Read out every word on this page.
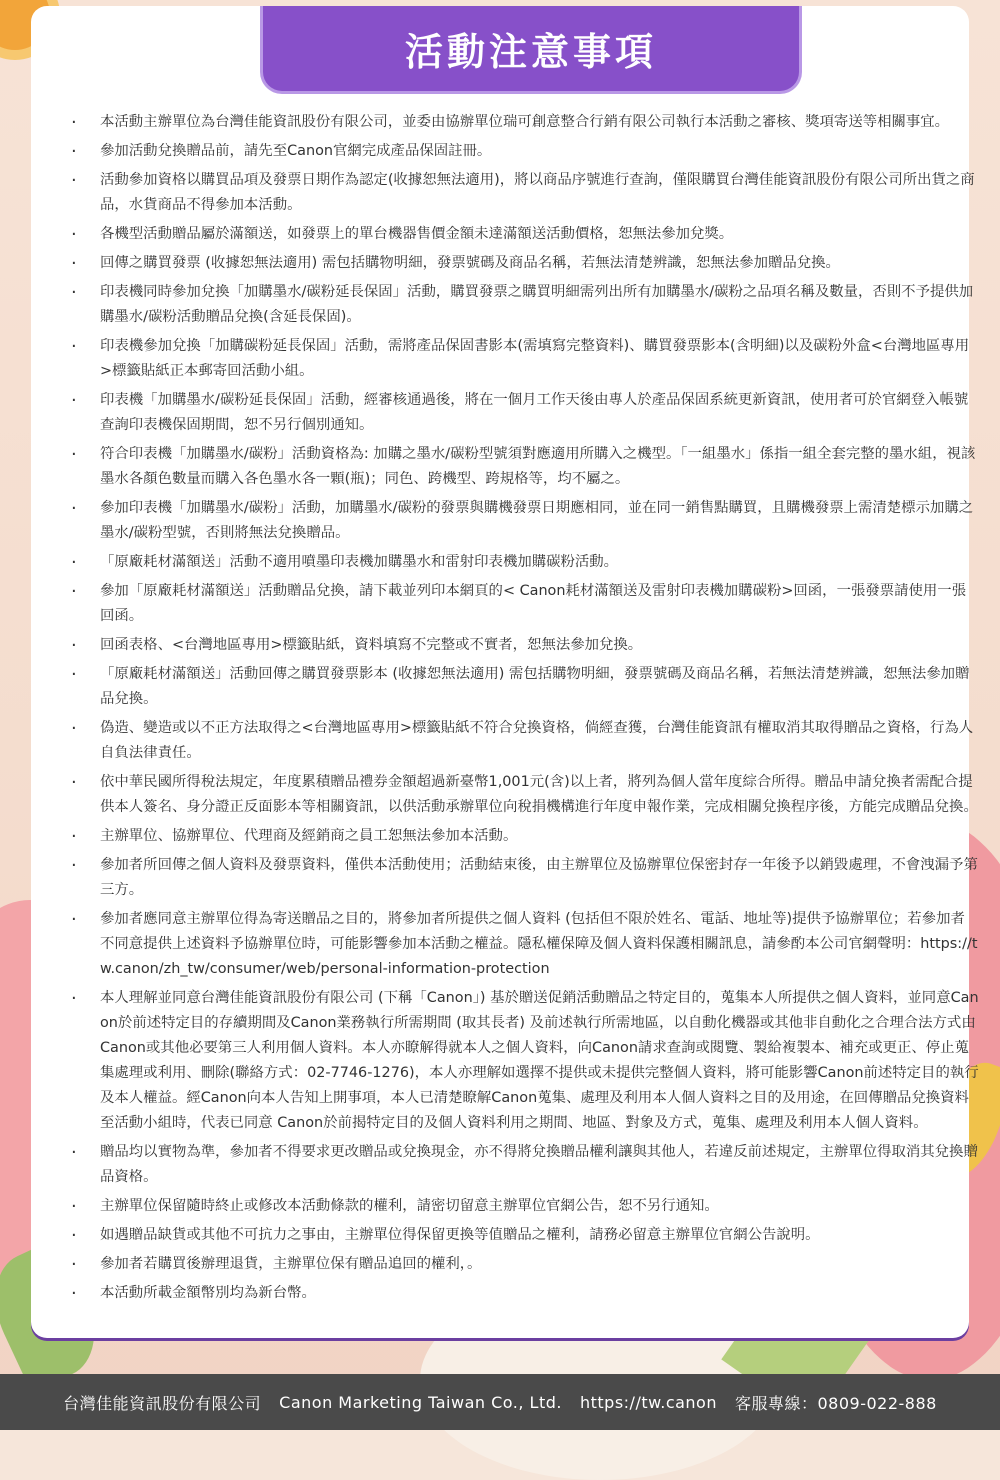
活動注意事項
· 本活動主辦單位為台灣佳能資訊股份有限公司，並委由協辦單位瑞可創意整合行銷有限公司執行本活動之審核、獎項寄送等相關事宜。
· 參加活動兌換贈品前，請先至Canon官網完成產品保固註冊。
· 活動參加資格以購買品項及發票日期作為認定(收據恕無法適用)，將以商品序號進行查詢，僅限購買台灣佳能資訊股份有限公司所出貨之商品，水貨商品不得參加本活動。
· 各機型活動贈品屬於滿額送，如發票上的單台機器售價金額未達滿額送活動價格，恕無法參加兌獎。
· 回傳之購買發票 (收據恕無法適用) 需包括購物明細，發票號碼及商品名稱，若無法清楚辨識，恕無法參加贈品兌換。
· 印表機同時參加兌換「加購墨水/碳粉延長保固」活動，購買發票之購買明細需列出所有加購墨水/碳粉之品項名稱及數量，否則不予提供加購墨水/碳粉活動贈品兌換(含延長保固)。
· 印表機參加兌換「加購碳粉延長保固」活動，需將產品保固書影本(需填寫完整資料)、購買發票影本(含明細)以及碳粉外盒<台灣地區專用>標籤貼紙正本郵寄回活動小組。
· 印表機「加購墨水/碳粉延長保固」活動，經審核通過後，將在一個月工作天後由專人於產品保固系統更新資訊，使用者可於官網登入帳號查詢印表機保固期間，恕不另行個別通知。
· 符合印表機「加購墨水/碳粉」活動資格為: 加購之墨水/碳粉型號須對應適用所購入之機型。「一組墨水」係指一組全套完整的墨水組，視該墨水各顏色數量而購入各色墨水各一顆(瓶)；同色、跨機型、跨規格等，均不屬之。
· 參加印表機「加購墨水/碳粉」活動，加購墨水/碳粉的發票與購機發票日期應相同，並在同一銷售點購買，且購機發票上需清楚標示加購之墨水/碳粉型號，否則將無法兌換贈品。
· 「原廠耗材滿額送」活動不適用噴墨印表機加購墨水和雷射印表機加購碳粉活動。
· 參加「原廠耗材滿額送」活動贈品兌換，請下載並列印本網頁的< Canon耗材滿額送及雷射印表機加購碳粉>回函，一張發票請使用一張回函。
· 回函表格、<台灣地區專用>標籤貼紙，資料填寫不完整或不實者，恕無法參加兌換。
· 「原廠耗材滿額送」活動回傳之購買發票影本 (收據恕無法適用) 需包括購物明細，發票號碼及商品名稱，若無法清楚辨識，恕無法參加贈品兌換。
· 偽造、變造或以不正方法取得之<台灣地區專用>標籤貼紙不符合兌換資格，倘經查獲，台灣佳能資訊有權取消其取得贈品之資格，行為人自負法律責任。
· 依中華民國所得稅法規定，年度累積贈品禮券金額超過新臺幣1,001元(含)以上者，將列為個人當年度綜合所得。贈品申請兌換者需配合提供本人簽名、身分證正反面影本等相關資訊，以供活動承辦單位向稅捐機構進行年度申報作業，完成相關兌換程序後，方能完成贈品兌換。
· 主辦單位、協辦單位、代理商及經銷商之員工恕無法參加本活動。
· 參加者所回傳之個人資料及發票資料，僅供本活動使用；活動結束後，由主辦單位及協辦單位保密封存一年後予以銷毀處理，不會洩漏予第三方。
· 參加者應同意主辦單位得為寄送贈品之目的，將參加者所提供之個人資料 (包括但不限於姓名、電話、地址等)提供予協辦單位；若參加者不同意提供上述資料予協辦單位時，可能影響參加本活動之權益。隱私權保障及個人資料保護相關訊息，請參酌本公司官網聲明：https://tw.canon/zh_tw/consumer/web/personal-information-protection
· 本人理解並同意台灣佳能資訊股份有限公司 (下稱「Canon」) 基於贈送促銷活動贈品之特定目的，蒐集本人所提供之個人資料，並同意Canon於前述特定目的存續期間及Canon業務執行所需期間 (取其長者) 及前述執行所需地區，以自動化機器或其他非自動化之合理合法方式由Canon或其他必要第三人利用個人資料。本人亦瞭解得就本人之個人資料，向Canon請求查詢或閱覽、製給複製本、補充或更正、停止蒐集處理或利用、刪除(聯絡方式：02-7746-1276)，本人亦理解如選擇不提供或未提供完整個人資料，將可能影響Canon前述特定目的執行及本人權益。經Canon向本人告知上開事項，本人已清楚瞭解Canon蒐集、處理及利用本人個人資料之目的及用途，在回傳贈品兌換資料至活動小組時，代表已同意 Canon於前揭特定目的及個人資料利用之期間、地區、對象及方式，蒐集、處理及利用本人個人資料。
· 贈品均以實物為準，參加者不得要求更改贈品或兌換現金，亦不得將兌換贈品權利讓與其他人，若違反前述規定，主辦單位得取消其兌換贈品資格。
· 主辦單位保留隨時終止或修改本活動條款的權利，請密切留意主辦單位官網公告，恕不另行通知。
· 如遇贈品缺貨或其他不可抗力之事由，主辦單位得保留更換等值贈品之權利，請務必留意主辦單位官網公告說明。
· 參加者若購買後辦理退貨，主辦單位保有贈品追回的權利，。
· 本活動所載金額幣別均為新台幣。
台灣佳能資訊股份有限公司 Canon Marketing Taiwan Co., Ltd. https://tw.canon 客服專線：0809-022-888
